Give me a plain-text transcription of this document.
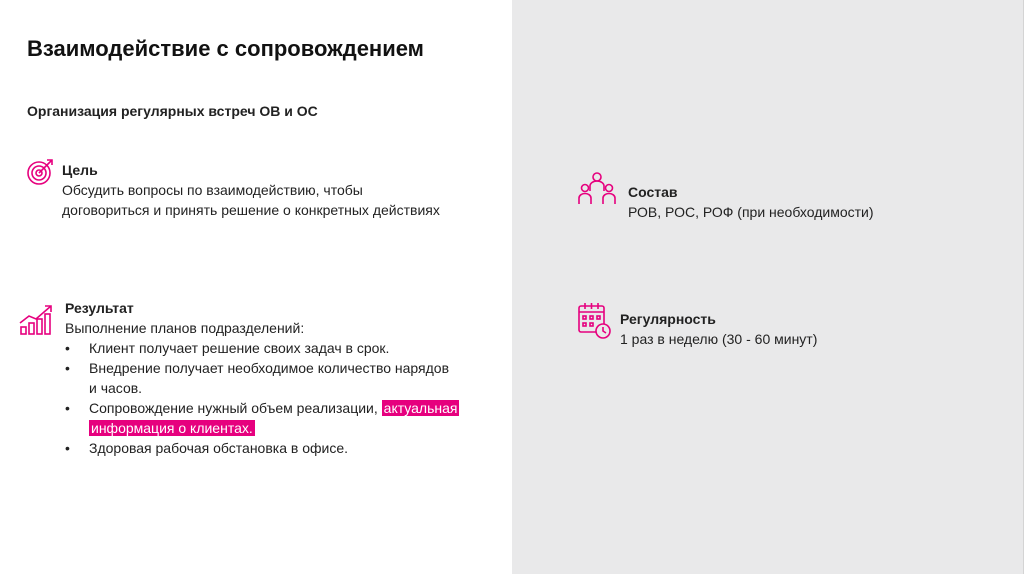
Взаимодействие с сопровождением
Организация регулярных встреч ОВ и ОС
Цель
Обсудить вопросы по взаимодействию, чтобы
договориться и принять решение о конкретных действиях
Результат
Выполнение планов подразделений:
• Клиент получает решение своих задач в срок.
• Внедрение получает необходимое количество нарядов
и часов.
• Сопровождение нужный объем реализации, актуальная
информация о клиентах.
• Здоровая рабочая обстановка в офисе.
Состав
РОВ, РОС, РОФ (при необходимости)
Регулярность
1 раз в неделю (30 - 60 минут)
